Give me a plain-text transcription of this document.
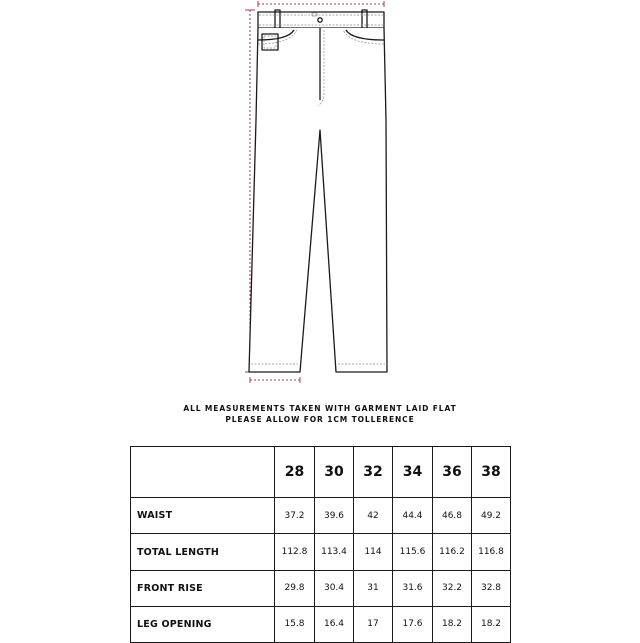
ALL MEASUREMENTS TAKEN WITH GARMENT LAID FLAT
PLEASE ALLOW FOR 1CM TOLLERENCE
	28	30	32	34	36	38
WAIST	37.2	39.6	42	44.4	46.8	49.2
TOTAL LENGTH	112.8	113.4	114	115.6	116.2	116.8
FRONT RISE	29.8	30.4	31	31.6	32.2	32.8
LEG OPENING	15.8	16.4	17	17.6	18.2	18.2
